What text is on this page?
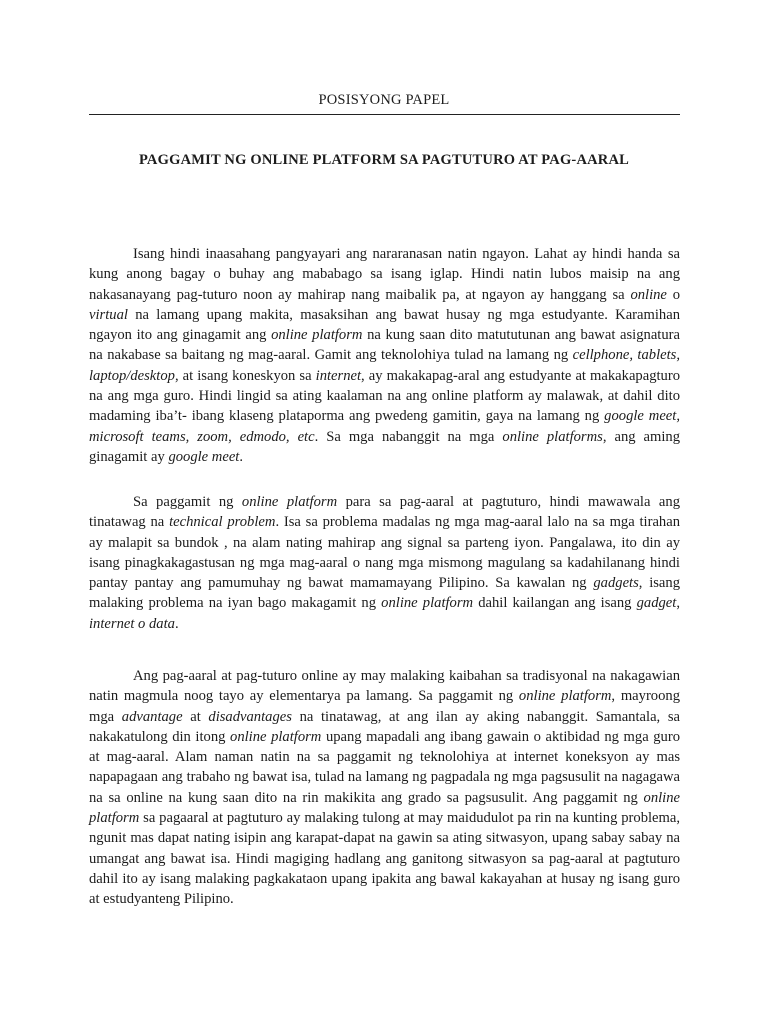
POSISYONG PAPEL
PAGGAMIT NG ONLINE PLATFORM SA PAGTUTURO AT PAG-AARAL

Isang hindi inaasahang pangyayari ang nararanasan natin ngayon. Lahat ay hindi handa sa kung anong bagay o buhay ang mababago sa isang iglap. Hindi natin lubos maisip na ang nakasanayang pag-tuturo noon ay mahirap nang maibalik pa, at ngayon ay hanggang sa online o virtual na lamang upang makita, masaksihan ang bawat husay ng mga estudyante. Karamihan ngayon ito ang ginagamit ang online platform na kung saan dito matututunan ang bawat asignatura na nakabase sa baitang ng mag-aaral. Gamit ang teknolohiya tulad na lamang ng cellphone, tablets, laptop/desktop, at isang koneskyon sa internet, ay makakapag-aral ang estudyante at makakapagturo na ang mga guro. Hindi lingid sa ating kaalaman na ang online platform ay malawak, at dahil dito madaming iba’t- ibang klaseng plataporma ang pwedeng gamitin, gaya na lamang ng google meet, microsoft teams, zoom, edmodo, etc. Sa mga nabanggit na mga online platforms, ang aming ginagamit ay google meet.

Sa paggamit ng online platform para sa pag-aaral at pagtuturo, hindi mawawala ang tinatawag na technical problem. Isa sa problema madalas ng mga mag-aaral lalo na sa mga tirahan ay malapit sa bundok , na alam nating mahirap ang signal sa parteng iyon. Pangalawa, ito din ay isang pinagkakagastusan ng mga mag-aaral o nang mga mismong magulang sa kadahilanang hindi pantay pantay ang pamumuhay ng bawat mamamayang Pilipino. Sa kawalan ng gadgets, isang malaking problema na iyan bago makagamit ng online platform dahil kailangan ang isang gadget, internet o data.

Ang pag-aaral at pag-tuturo online ay may malaking kaibahan sa tradisyonal na nakagawian natin magmula noog tayo ay elementarya pa lamang. Sa paggamit ng online platform, mayroong mga advantage at disadvantages na tinatawag, at ang ilan ay aking nabanggit. Samantala, sa nakakatulong din itong online platform upang mapadali ang ibang gawain o aktibidad ng mga guro at mag-aaral. Alam naman natin na sa paggamit ng teknolohiya at internet koneksyon ay mas napapagaan ang trabaho ng bawat isa, tulad na lamang ng pagpadala ng mga pagsusulit na nagagawa na sa online na kung saan dito na rin makikita ang grado sa pagsusulit. Ang paggamit ng online platform sa pagaaral at pagtuturo ay malaking tulong at may maidudulot pa rin na kunting problema, ngunit mas dapat nating isipin ang karapat-dapat na gawin sa ating sitwasyon, upang sabay sabay na umangat ang bawat isa. Hindi magiging hadlang ang ganitong sitwasyon sa pag-aaral at pagtuturo dahil ito ay isang malaking pagkakataon upang ipakita ang bawal kakayahan at husay ng isang guro at estudyanteng Pilipino.
